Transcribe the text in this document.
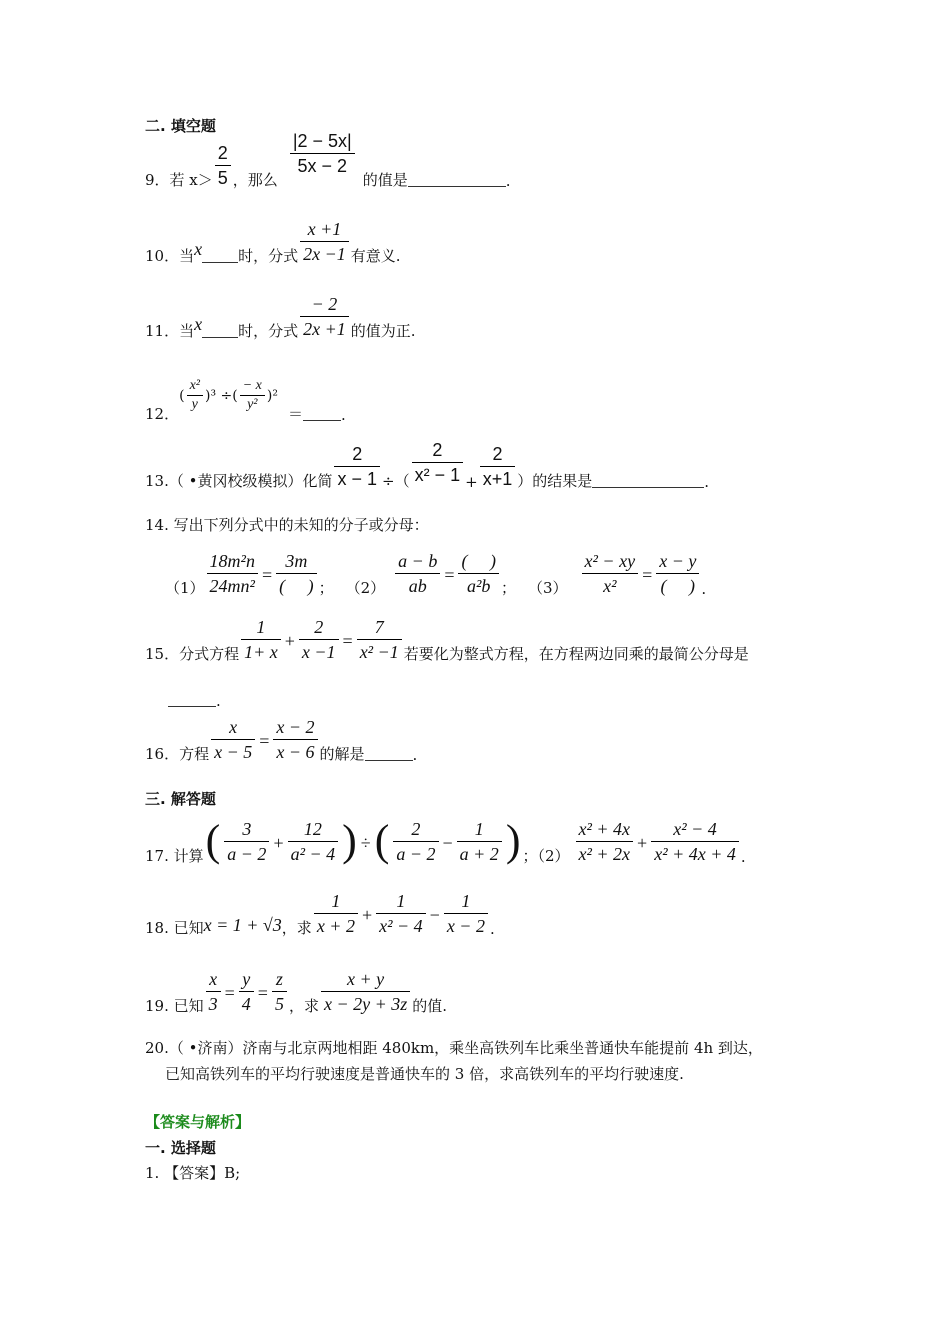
二. 填空题
9．若 $x> \frac{2}{5}$ ，那么
$\frac{|2 - 5x|}{5x - 2}$
的值是	.
10．当 x 时，分式 $\frac{x +1}{2x -1}$ 有意义.
11．当 x 时，分式 $\frac{- 2}{2x +1}$ 的值为正.
12．
( $\frac{\text{x²}}{y}$ ) ³ ÷ ( $\frac{- x}{\text{y²}}$ ) ²
＝	.
13.（ •黄冈校级模拟）化简 $\frac{2}{x - 1}$ ÷（ $\frac{2}{\text{x² − 1}} + \frac{2}{x+1}$ ）的结果是	.
14. 写出下列分式中的未知的分子或分母：
$(1) \frac{\text{18m²n}}{\text{24mn²}} = \frac{3m}{( )}$ ； $(2) \frac{a - b}{ab} = \frac{( )}{\text{a²b}}$ ； $(3) \frac{\text{x² − xy}}{\text{x²}} = \frac{x - y}{( )}$ .
15．分式方程 $\frac{1}{1+ x} + \frac{2}{x -1} = \frac{7}{\text{x² −1}}$ 若要化为整式方程，在方程两边同乘的最简公分母是
.
16．方程 $\frac{x}{x - 5} = \frac{x - 2}{x - 6}$ 的解是	.
三. 解答题
17. 计算 ( $\frac{3}{a - 2} + \frac{12}{\text{a² − 4}}$ ) ÷ ( $\frac{2}{a - 2} - \frac{1}{a + 2}$ ) ；$(2) \frac{\text{x² + 4x}}{\text{x² + 2x}} + \frac{\text{x² − 4}}{\text{x² + 4x + 4}}$ .
18. 已知 x = 1 + √3 ，求 $\frac{1}{x + 2} + \frac{1}{\text{x² − 4}} - \frac{1}{x - 2}$ .
19. 已知 $\frac{x}{3} = \frac{y}{4} = \frac{z}{5}$ ，求 $\frac{x + y}{x - 2y + 3z}$ 的值.
20.（ •济南）济南与北京两地相距 480km，乘坐高铁列车比乘坐普通快车能提前 4h 到达，
已知高铁列车的平均行驶速度是普通快车的 3 倍，求高铁列车的平均行驶速度.
【答案与解析】
一. 选择题
1. 【答案】B;
